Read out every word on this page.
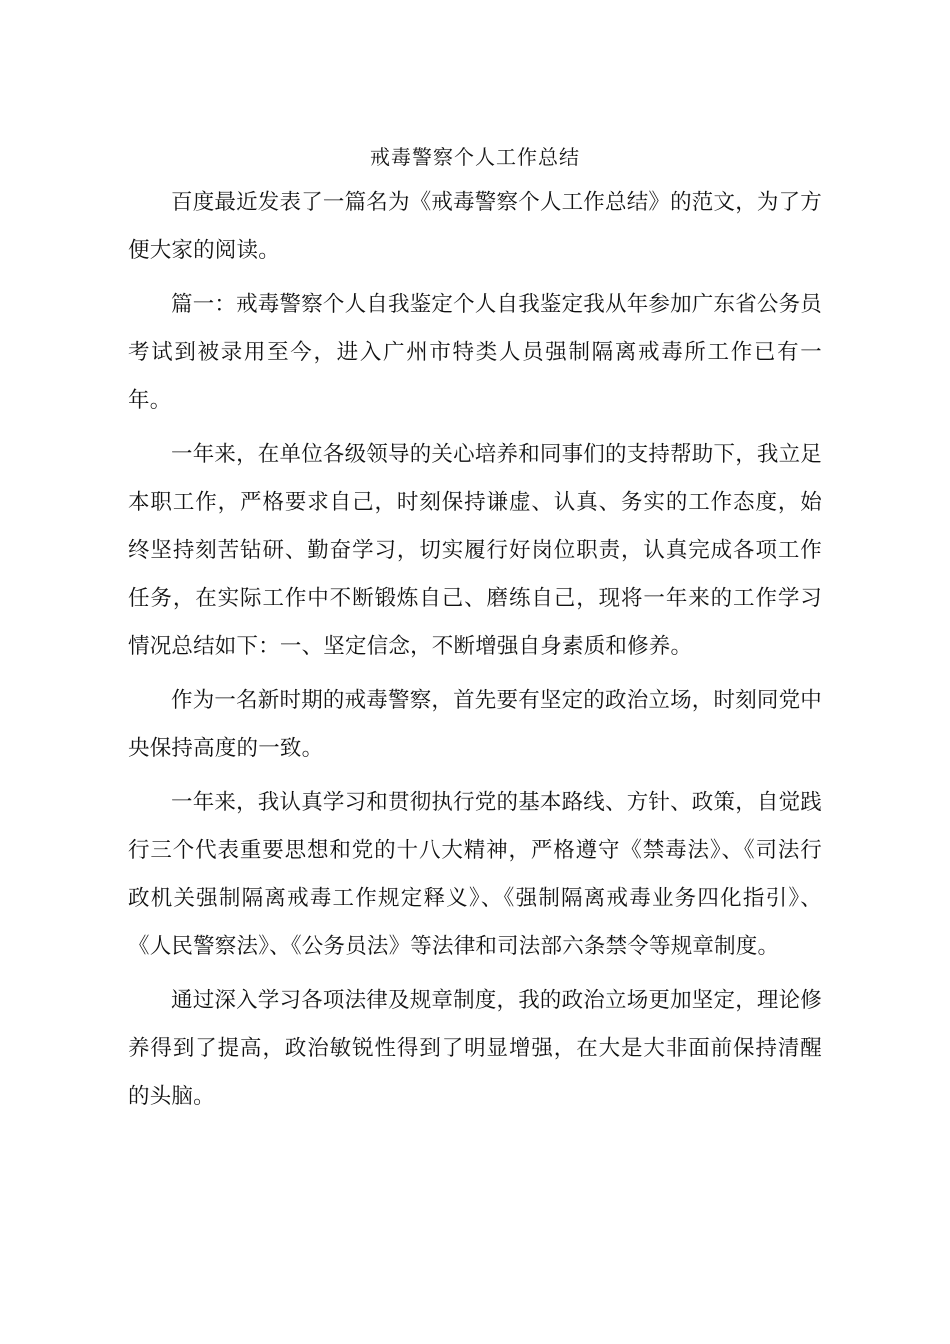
戒毒警察个人工作总结

百度最近发表了一篇名为《戒毒警察个人工作总结》的范文，为了方便大家的阅读。

篇一：戒毒警察个人自我鉴定个人自我鉴定我从年参加广东省公务员考试到被录用至今，进入广州市特类人员强制隔离戒毒所工作已有一年。

一年来，在单位各级领导的关心培养和同事们的支持帮助下，我立足本职工作，严格要求自己，时刻保持谦虚、认真、务实的工作态度，始终坚持刻苦钻研、勤奋学习，切实履行好岗位职责，认真完成各项工作任务，在实际工作中不断锻炼自己、磨练自己，现将一年来的工作学习情况总结如下：一、坚定信念，不断增强自身素质和修养。

作为一名新时期的戒毒警察，首先要有坚定的政治立场，时刻同党中央保持高度的一致。

一年来，我认真学习和贯彻执行党的基本路线、方针、政策，自觉践行三个代表重要思想和党的十八大精神，严格遵守《禁毒法》、《司法行政机关强制隔离戒毒工作规定释义》、《强制隔离戒毒业务四化指引》、《人民警察法》、《公务员法》等法律和司法部六条禁令等规章制度。

通过深入学习各项法律及规章制度，我的政治立场更加坚定，理论修养得到了提高，政治敏锐性得到了明显增强，在大是大非面前保持清醒的头脑。
